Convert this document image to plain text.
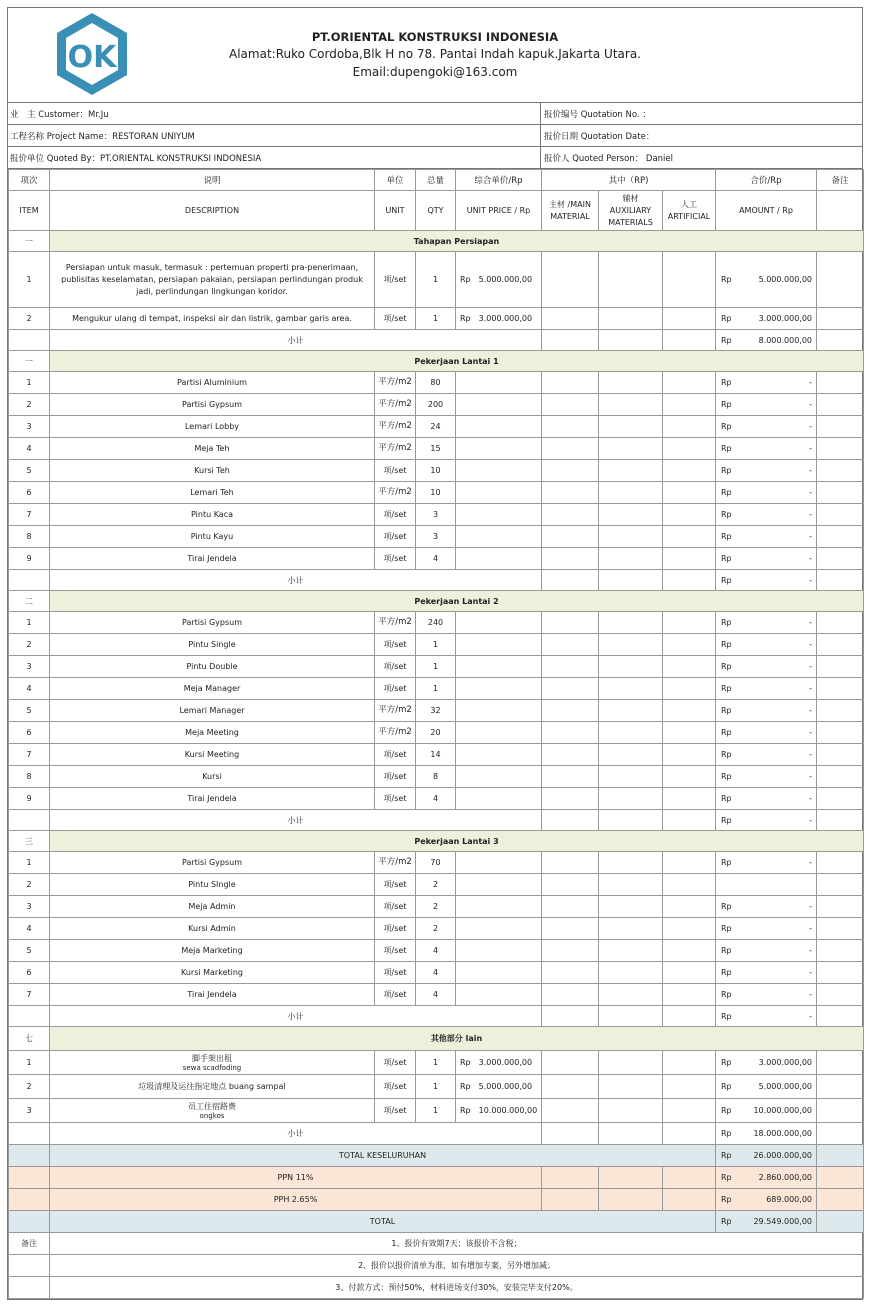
OK
PT.ORIENTAL KONSTRUKSI INDONESIA
Alamat:Ruko Cordoba,Blk H no 78. Pantai Indah kapuk.Jakarta Utara.
Email:dupengoki@163.com
业　主 Customer：Mr.Ju	报价编号 Quotation No. ：
工程名称 Project Name：RESTORAN UNIYUM	报价日期 Quotation Date：
报价单位 Quoted By：PT.ORIENTAL KONSTRUKSI INDONESIA	报价人 Quoted Person： Daniel
项次	说明	单位	总量	综合单价/Rp	其中（RP)			合价/Rp	备注
ITEM	DESCRIPTION	UNIT	QTY	UNIT PRICE / Rp	主材 /MAIN MATERIAL	辅材 AUXILIARY MATERIALS	人工 ARTIFICIAL	AMOUNT / Rp	
一	Tahapan Persiapan								
1	Persiapan untuk masuk, termasuk : pertemuan properti pra-penerimaan, publisitas keselamatan, persiapan pakaian, persiapan perlindungan produk jadi, perlindungan lingkungan koridor.	项/set	1	Rp 5.000.000,00				Rp 5.000.000,00	
2	Mengukur ulang di tempat, inspeksi air dan listrik, gambar garis area.	项/set	1	Rp 3.000.000,00				Rp 3.000.000,00	
	小计							Rp 8.000.000,00	
一	Pekerjaan Lantai 1								
1	Partisi Aluminium	平方/m2	80					Rp -	
2	Partisi Gypsum	平方/m2	200					Rp -	
3	Lemari Lobby	平方/m2	24					Rp -	
4	Meja Teh	平方/m2	15					Rp -	
5	Kursi Teh	项/set	10					Rp -	
6	Lemari Teh	平方/m2	10					Rp -	
7	Pintu Kaca	项/set	3					Rp -	
8	Pintu Kayu	项/set	3					Rp -	
9	Tirai Jendela	项/set	4					Rp -	
	小计							Rp -	
二	Pekerjaan Lantai 2								
1	Partisi Gypsum	平方/m2	240					Rp -	
2	Pintu Single	项/set	1					Rp -	
3	Pintu Double	项/set	1					Rp -	
4	Meja Manager	项/set	1					Rp -	
5	Lemari Manager	平方/m2	32					Rp -	
6	Meja Meeting	平方/m2	20					Rp -	
7	Kursi Meeting	项/set	14					Rp -	
8	Kursi	项/set	8					Rp -	
9	Tirai Jendela	项/set	4					Rp -	
	小计							Rp -	
三	Pekerjaan Lantai 3								
1	Partisi Gypsum	平方/m2	70					Rp -	
2	Pintu SIngle	项/set	2						
3	Meja Admin	项/set	2					Rp -	
4	Kursi Admin	项/set	2					Rp -	
5	Meja Marketing	项/set	4					Rp -	
6	Kursi Marketing	项/set	4					Rp -	
7	Tirai Jendela	项/set	4					Rp -	
	小计							Rp -	
七	其他部分 lain								
1	脚手架出租
sewa scadfoding	项/set	1	Rp 3.000.000,00				Rp 3.000.000,00	
2	垃圾清理及运往指定地点 buang sampal	项/set	1	Rp 5.000.000,00				Rp 5.000.000,00	
3	员工住宿路费
ongkos	项/set	1	Rp 10.000.000,00				Rp 10.000.000,00	
	小计							Rp 18.000.000,00	
	TOTAL KESELURUHAN							Rp 26.000.000,00	
	PPN 11%							Rp 2.860.000,00	
	PPH 2.65%							Rp 689.000,00	
	TOTAL							Rp 29.549.000,00	
备注	1、报价有效期7天；该报价不含税；								
	2、报价以报价清单为准，如有增加专案，另外增加减；								
	3、付款方式：预付50%，材料进场支付30%，安装完毕支付20%。								
